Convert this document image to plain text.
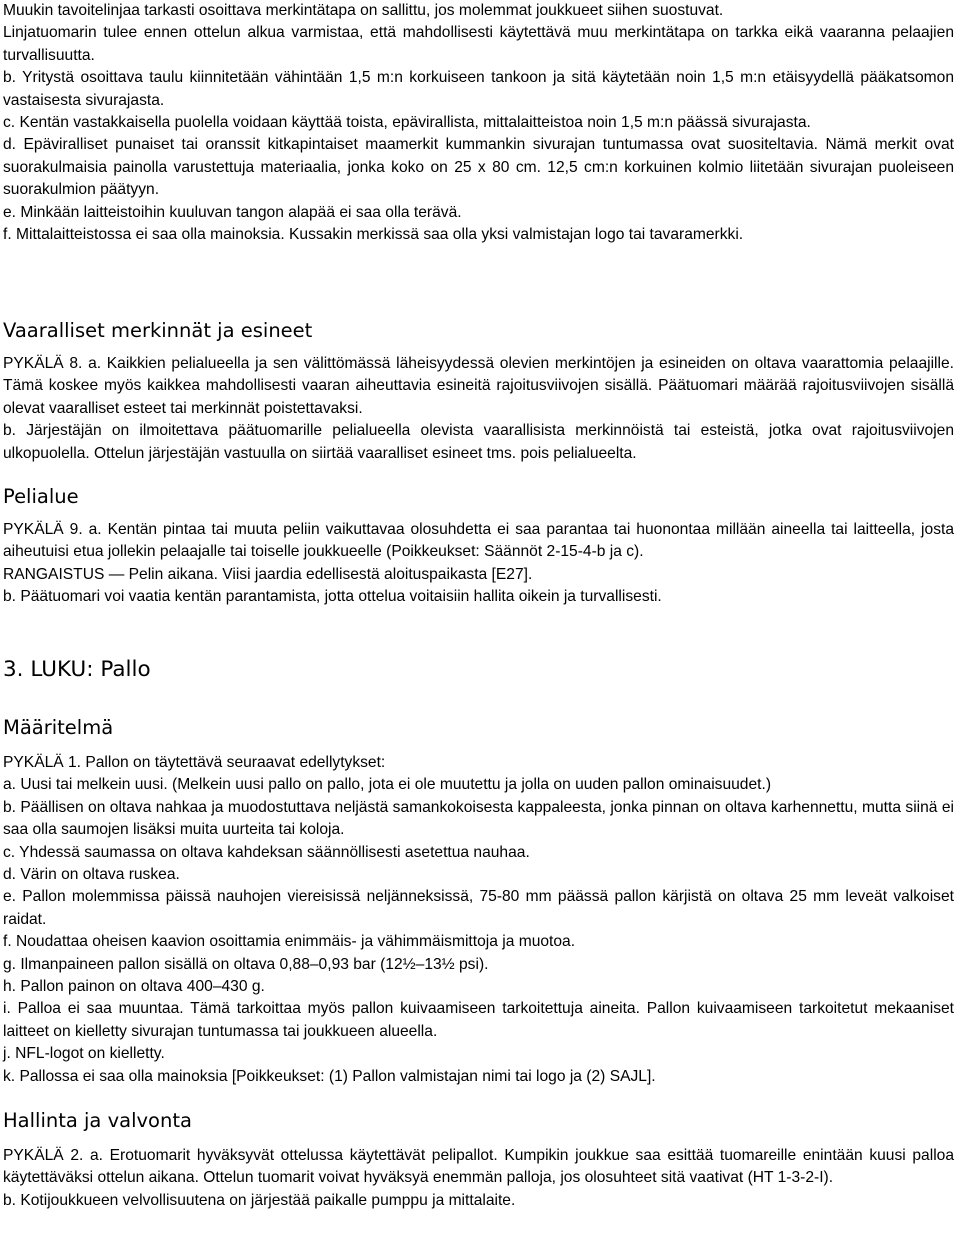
Muukin tavoitelinjaa tarkasti osoittava merkintätapa on sallittu, jos molemmat joukkueet siihen suostuvat.

Linjatuomarin tulee ennen ottelun alkua varmistaa, että mahdollisesti käytettävä muu merkintätapa on tarkka eikä vaaranna pelaajien turvallisuutta.

b. Yritystä osoittava taulu kiinnitetään vähintään 1,5 m:n korkuiseen tankoon ja sitä käytetään noin 1,5 m:n etäisyydellä pääkatsomon vastaisesta sivurajasta.

c. Kentän vastakkaisella puolella voidaan käyttää toista, epävirallista, mittalaitteistoa noin 1,5 m:n päässä sivurajasta.

d. Epäviralliset punaiset tai oranssit kitkapintaiset maamerkit kummankin sivurajan tuntumassa ovat suositeltavia. Nämä merkit ovat suorakulmaisia painolla varustettuja materiaalia, jonka koko on 25 x 80 cm. 12,5 cm:n korkuinen kolmio liitetään sivurajan puoleiseen suorakulmion päätyyn.

e. Minkään laitteistoihin kuuluvan tangon alapää ei saa olla terävä.

f. Mittalaitteistossa ei saa olla mainoksia. Kussakin merkissä saa olla yksi valmistajan logo tai tavaramerkki.

Vaaralliset merkinnät ja esineet

PYKÄLÄ 8. a. Kaikkien pelialueella ja sen välittömässä läheisyydessä olevien merkintöjen ja esineiden on oltava vaarattomia pelaajille. Tämä koskee myös kaikkea mahdollisesti vaaran aiheuttavia esineitä rajoitusviivojen sisällä. Päätuomari määrää rajoitusviivojen sisällä olevat vaaralliset esteet tai merkinnät poistettavaksi.

b. Järjestäjän on ilmoitettava päätuomarille pelialueella olevista vaarallisista merkinnöistä tai esteistä, jotka ovat rajoitusviivojen ulkopuolella. Ottelun järjestäjän vastuulla on siirtää vaaralliset esineet tms. pois pelialueelta.

Pelialue

PYKÄLÄ 9. a. Kentän pintaa tai muuta peliin vaikuttavaa olosuhdetta ei saa parantaa tai huonontaa millään aineella tai laitteella, josta aiheutuisi etua jollekin pelaajalle tai toiselle joukkueelle (Poikkeukset: Säännöt 2-15-4-b ja c).

RANGAISTUS — Pelin aikana. Viisi jaardia edellisestä aloituspaikasta [E27].

b. Päätuomari voi vaatia kentän parantamista, jotta ottelua voitaisiin hallita oikein ja turvallisesti.

3. LUKU: Pallo
Määritelmä

PYKÄLÄ 1. Pallon on täytettävä seuraavat edellytykset:

a. Uusi tai melkein uusi. (Melkein uusi pallo on pallo, jota ei ole muutettu ja jolla on uuden pallon ominaisuudet.)

b. Päällisen on oltava nahkaa ja muodostuttava neljästä samankokoisesta kappaleesta, jonka pinnan on oltava karhennettu, mutta siinä ei saa olla saumojen lisäksi muita uurteita tai koloja.

c. Yhdessä saumassa on oltava kahdeksan säännöllisesti asetettua nauhaa.

d. Värin on oltava ruskea.

e. Pallon molemmissa päissä nauhojen viereisissä neljänneksissä, 75-80 mm päässä pallon kärjistä on oltava 25 mm leveät valkoiset raidat.

f. Noudattaa oheisen kaavion osoittamia enimmäis- ja vähimmäismittoja ja muotoa.

g. Ilmanpaineen pallon sisällä on oltava 0,88–0,93 bar (12½–13½ psi).

h. Pallon painon on oltava 400–430 g.

i. Palloa ei saa muuntaa. Tämä tarkoittaa myös pallon kuivaamiseen tarkoitettuja aineita. Pallon kuivaamiseen tarkoitetut mekaaniset laitteet on kielletty sivurajan tuntumassa tai joukkueen alueella.

j. NFL-logot on kielletty.

k. Pallossa ei saa olla mainoksia [Poikkeukset: (1) Pallon valmistajan nimi tai logo ja (2) SAJL].

Hallinta ja valvonta

PYKÄLÄ 2. a. Erotuomarit hyväksyvät ottelussa käytettävät pelipallot. Kumpikin joukkue saa esittää tuomareille enintään kuusi palloa käytettäväksi ottelun aikana. Ottelun tuomarit voivat hyväksyä enemmän palloja, jos olosuhteet sitä vaativat (HT 1-3-2-I).

b. Kotijoukkueen velvollisuutena on järjestää paikalle pumppu ja mittalaite.
